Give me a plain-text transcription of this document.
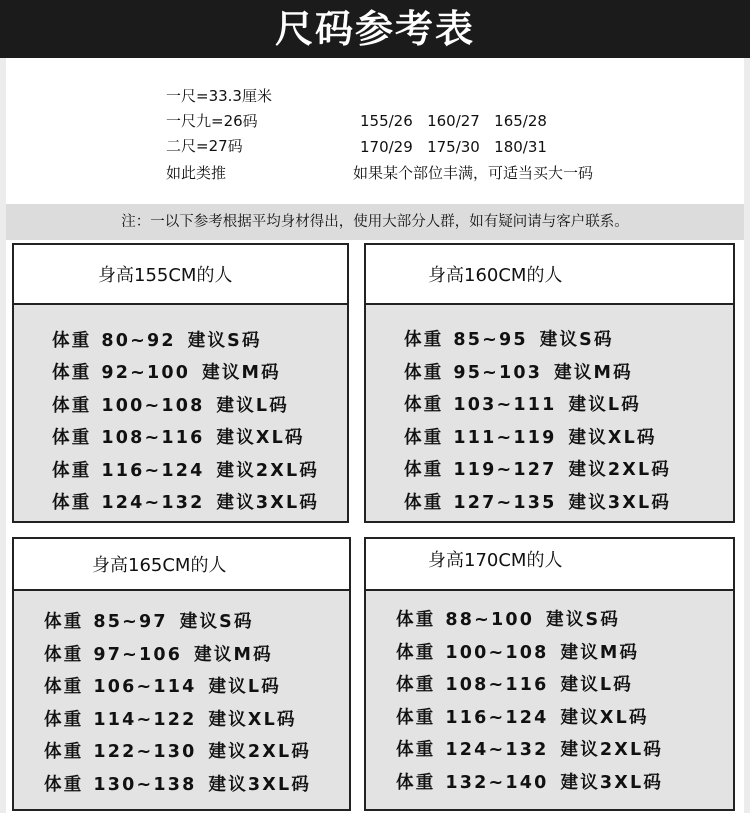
尺码参考表
一尺=33.3厘米
一尺九=26码
二尺=27码
如此类推
155/26   160/27   165/28
170/29   175/30   180/31
如果某个部位丰满，可适当买大一码
注：一以下参考根据平均身材得出，使用大部分人群，如有疑问请与客户联系。
身高155CM的人
体重 80~92 建议S码
体重 92~100 建议M码
体重 100~108 建议L码
体重 108~116 建议XL码
体重 116~124 建议2XL码
体重 124~132 建议3XL码
身高160CM的人
体重 85~95 建议S码
体重 95~103 建议M码
体重 103~111 建议L码
体重 111~119 建议XL码
体重 119~127 建议2XL码
体重 127~135 建议3XL码
身高165CM的人
体重 85~97 建议S码
体重 97~106 建议M码
体重 106~114 建议L码
体重 114~122 建议XL码
体重 122~130 建议2XL码
体重 130~138 建议3XL码
身高170CM的人
体重 88~100 建议S码
体重 100~108 建议M码
体重 108~116 建议L码
体重 116~124 建议XL码
体重 124~132 建议2XL码
体重 132~140 建议3XL码
